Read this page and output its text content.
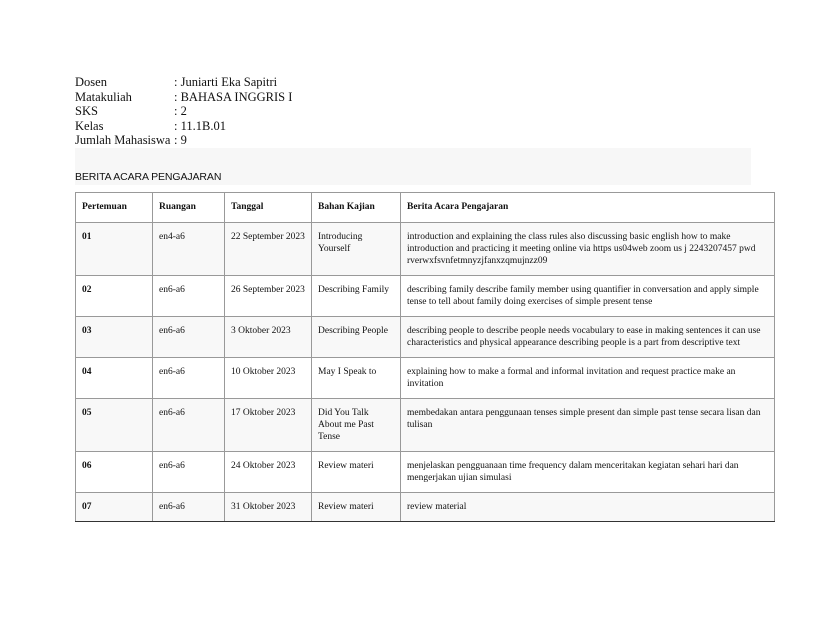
Dosen	: Juniarti Eka Sapitri
Matakuliah	: BAHASA INGGRIS I
SKS	: 2
Kelas	: 11.1B.01
Jumlah Mahasiswa : 9
BERITA ACARA PENGAJARAN
Pertemuan	Ruangan	Tanggal	Bahan Kajian	Berita Acara Pengajaran
01	en4-a6	22 September 2023	Introducing Yourself	introduction and explaining the class rules also discussing basic english how to make introduction and practicing it meeting online via https us04web zoom us j 2243207457 pwd rverwxfsvnfetmnyzjfanxzqmujnzz09
02	en6-a6	26 September 2023	Describing Family	describing family describe family member using quantifier in conversation and apply simple tense to tell about family doing exercises of simple present tense
03	en6-a6	3 Oktober 2023	Describing People	describing people to describe people needs vocabulary to ease in making sentences it can use characteristics and physical appearance describing people is a part from descriptive text
04	en6-a6	10 Oktober 2023	May I Speak to	explaining how to make a formal and informal invitation and request practice make an invitation
05	en6-a6	17 Oktober 2023	Did You Talk About me Past Tense	membedakan antara penggunaan tenses simple present dan simple past tense secara lisan dan tulisan
06	en6-a6	24 Oktober 2023	Review materi	menjelaskan pengguanaan time frequency dalam menceritakan kegiatan sehari hari dan mengerjakan ujian simulasi
07	en6-a6	31 Oktober 2023	Review materi	review material
